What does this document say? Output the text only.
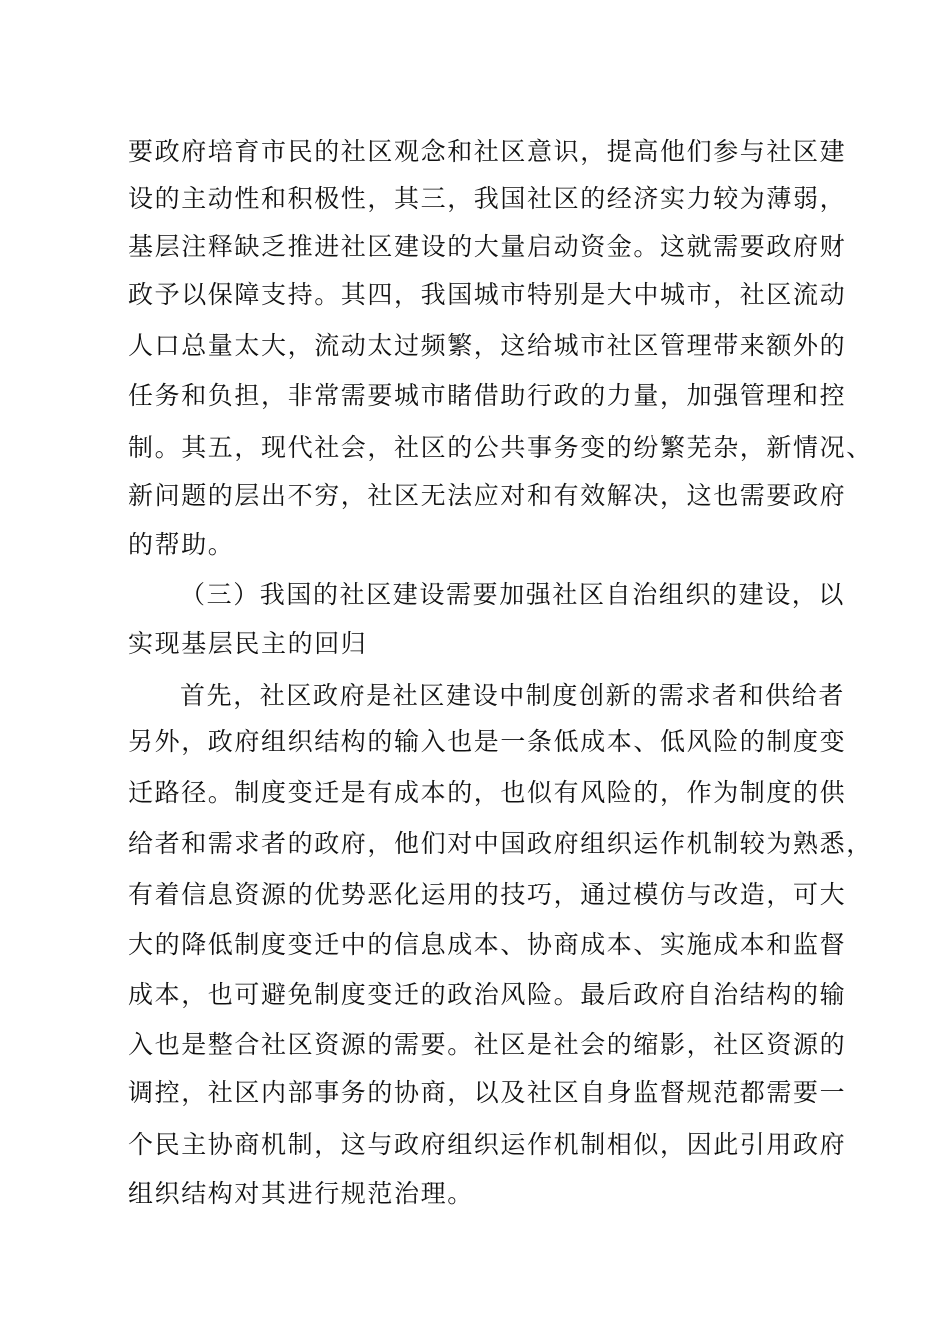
要政府培育市民的社区观念和社区意识，提高他们参与社区建
设的主动性和积极性，其三，我国社区的经济实力较为薄弱，
基层注释缺乏推进社区建设的大量启动资金。这就需要政府财
政予以保障支持。其四，我国城市特别是大中城市，社区流动
人口总量太大，流动太过频繁，这给城市社区管理带来额外的
任务和负担，非常需要城市睹借助行政的力量，加强管理和控
制。其五，现代社会，社区的公共事务变的纷繁芜杂，新情况、
新问题的层出不穷，社区无法应对和有效解决，这也需要政府
的帮助。
（三）我国的社区建设需要加强社区自治组织的建设，以
实现基层民主的回归
首先，社区政府是社区建设中制度创新的需求者和供给者
另外，政府组织结构的输入也是一条低成本、低风险的制度变
迁路径。制度变迁是有成本的，也似有风险的，作为制度的供
给者和需求者的政府，他们对中国政府组织运作机制较为熟悉，
有着信息资源的优势恶化运用的技巧，通过模仿与改造，可大
大的降低制度变迁中的信息成本、协商成本、实施成本和监督
成本，也可避免制度变迁的政治风险。最后政府自治结构的输
入也是整合社区资源的需要。社区是社会的缩影，社区资源的
调控，社区内部事务的协商，以及社区自身监督规范都需要一
个民主协商机制，这与政府组织运作机制相似，因此引用政府
组织结构对其进行规范治理。
